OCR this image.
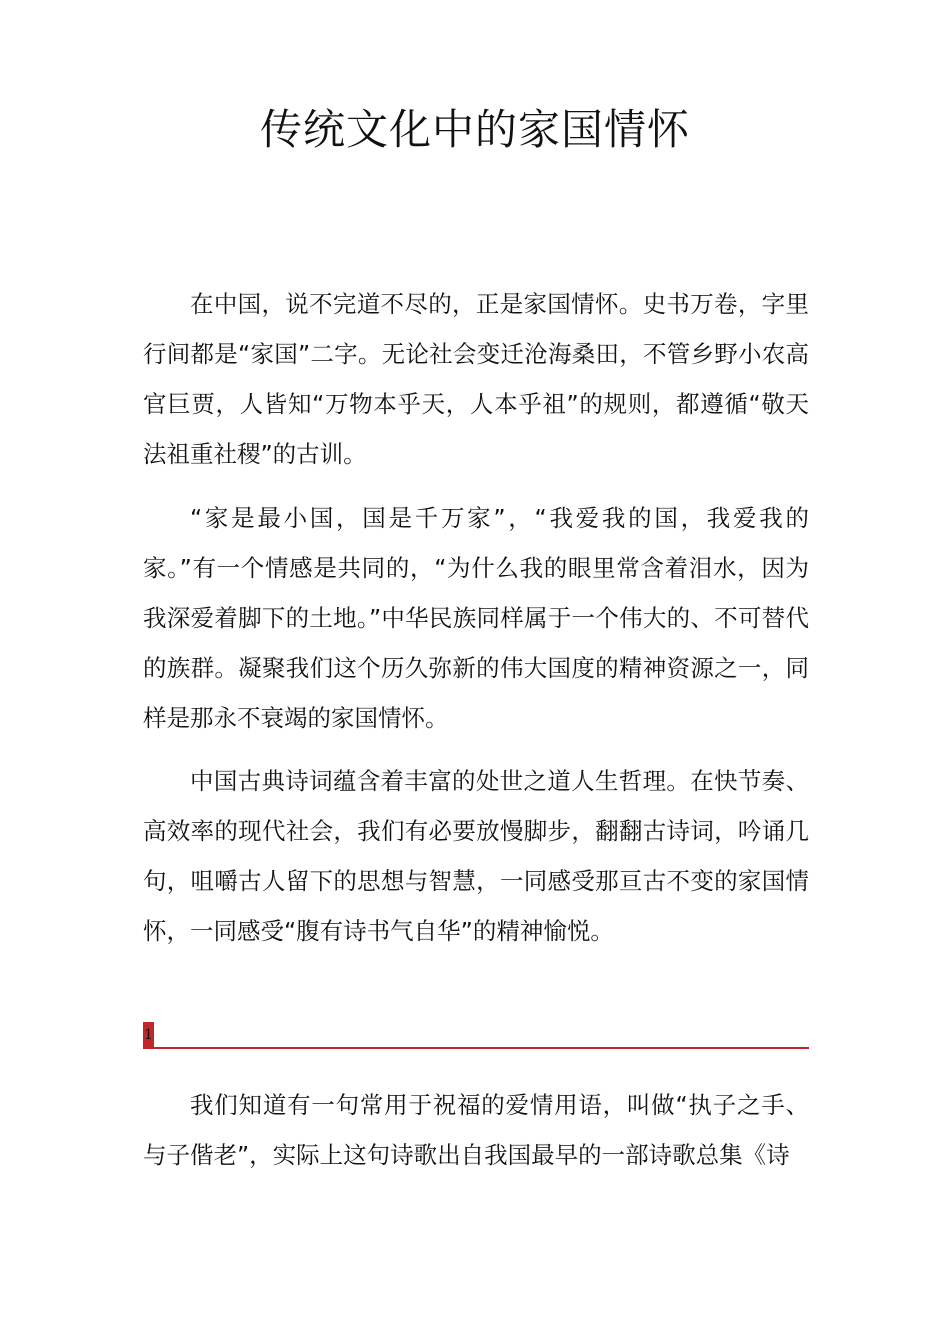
传统文化中的家国情怀

在中国，说不完道不尽的，正是家国情怀。史书万卷，字里行间都是“家国”二字。无论社会变迁沧海桑田，不管乡野小农高官巨贾，人皆知“万物本乎天，人本乎祖”的规则，都遵循“敬天法祖重社稷”的古训。

“家是最小国，国是千万家”，“我爱我的国，我爱我的家。”有一个情感是共同的，“为什么我的眼里常含着泪水，因为我深爱着脚下的土地。”中华民族同样属于一个伟大的、不可替代的族群。凝聚我们这个历久弥新的伟大国度的精神资源之一，同样是那永不衰竭的家国情怀。

中国古典诗词蕴含着丰富的处世之道人生哲理。在快节奏、高效率的现代社会，我们有必要放慢脚步，翻翻古诗词，吟诵几句，咀嚼古人留下的思想与智慧，一同感受那亘古不变的家国情怀，一同感受“腹有诗书气自华”的精神愉悦。

1

我们知道有一句常用于祝福的爱情用语，叫做“执子之手、与子偕老”，实际上这句诗歌出自我国最早的一部诗歌总集《诗
